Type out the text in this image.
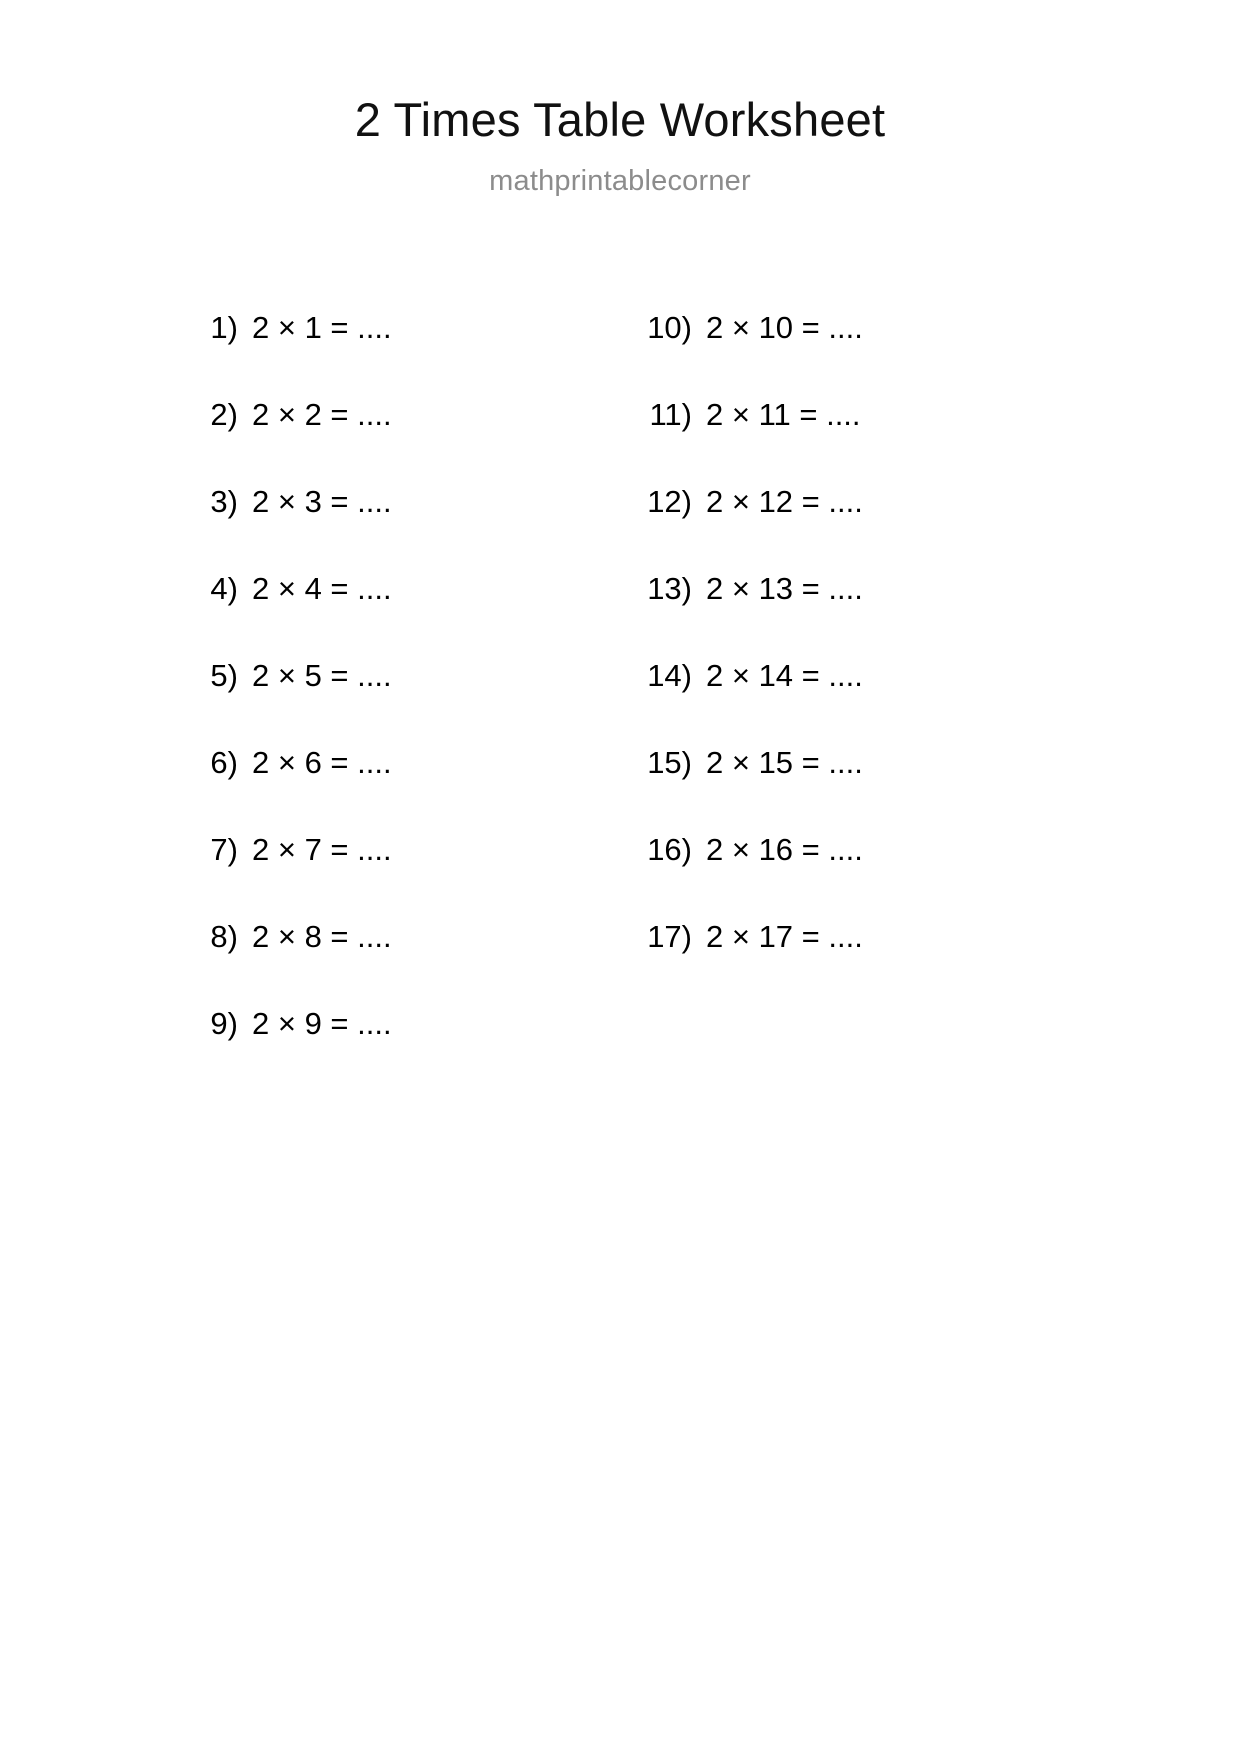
2 Times Table Worksheet
mathprintablecorner
1) 2 × 1 = ....
2) 2 × 2 = ....
3) 2 × 3 = ....
4) 2 × 4 = ....
5) 2 × 5 = ....
6) 2 × 6 = ....
7) 2 × 7 = ....
8) 2 × 8 = ....
9) 2 × 9 = ....
10) 2 × 10 = ....
11) 2 × 11 = ....
12) 2 × 12 = ....
13) 2 × 13 = ....
14) 2 × 14 = ....
15) 2 × 15 = ....
16) 2 × 16 = ....
17) 2 × 17 = ....
